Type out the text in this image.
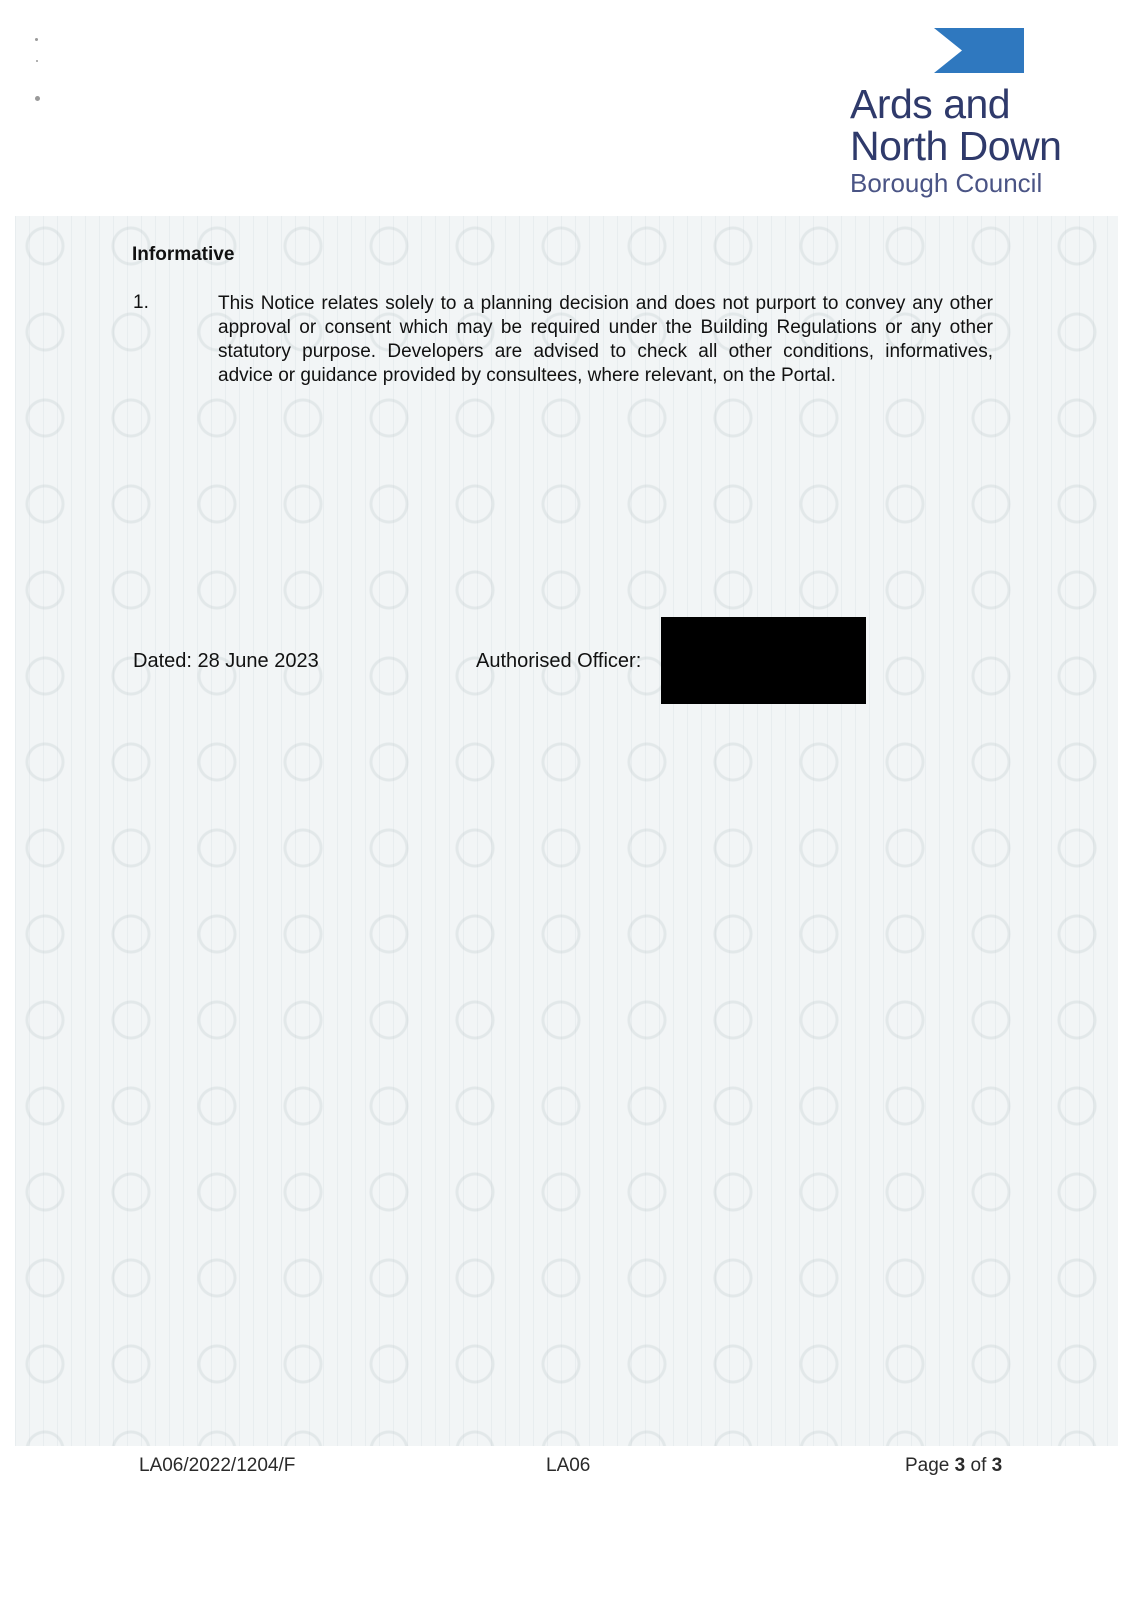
Ards and
North Down
Borough Council
Informative
1.	This Notice relates solely to a planning decision and does not purport to convey any other approval or consent which may be required under the Building Regulations or any other statutory purpose. Developers are advised to check all other conditions, informatives, advice or guidance provided by consultees, where relevant, on the Portal.
Dated: 28 June 2023	Authorised Officer:
LA06/2022/1204/F	LA06	Page 3 of 3
